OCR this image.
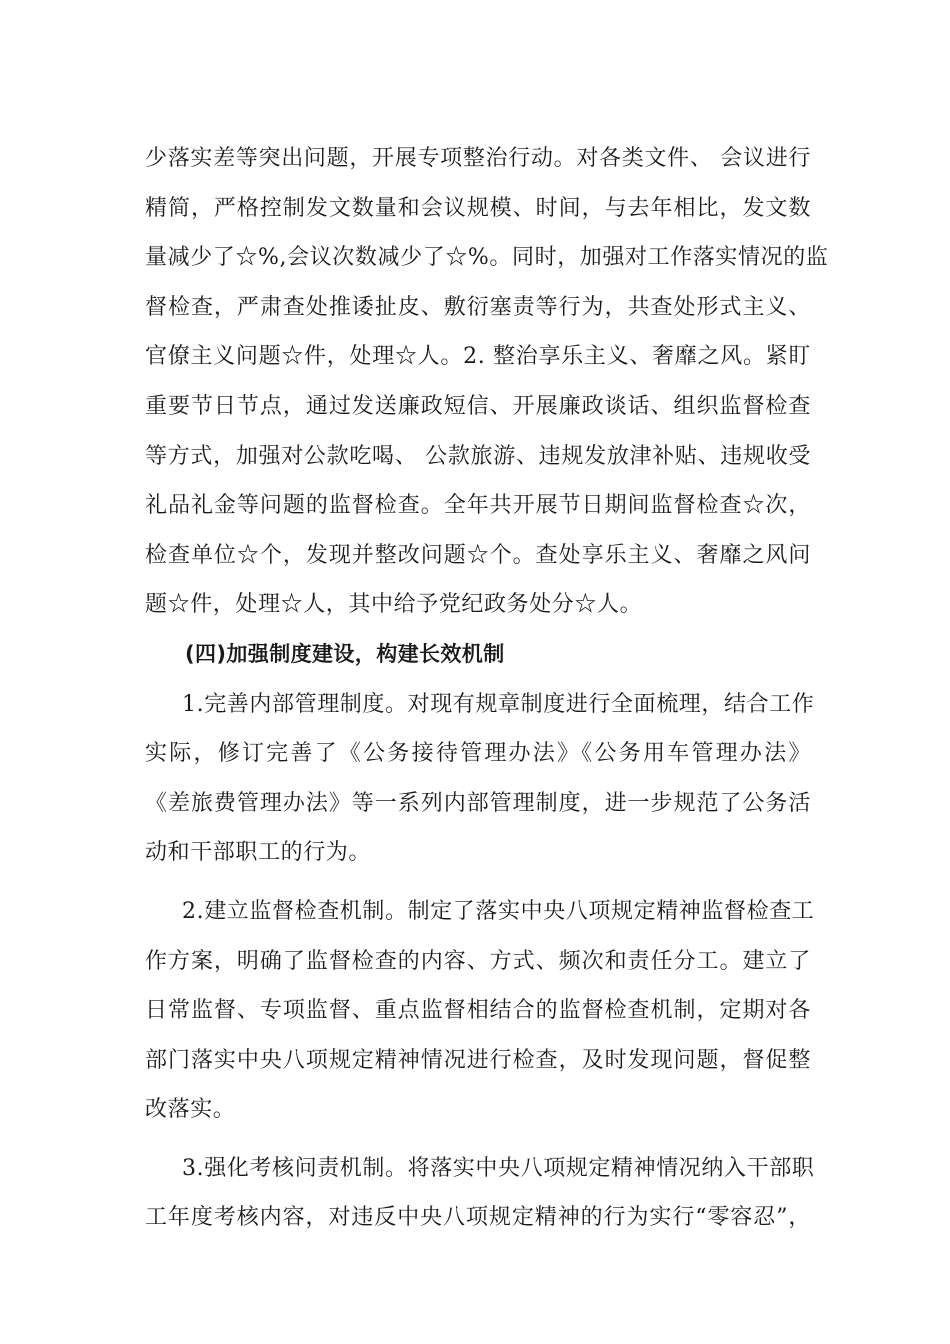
少落实差等突出问题，开展专项整治行动。对各类文件、 会议进行
精简，严格控制发文数量和会议规模、时间，与去年相比，发文数
量减少了☆%,会议次数减少了☆%。同时，加强对工作落实情况的监
督检查，严肃查处推诿扯皮、敷衍塞责等行为，共查处形式主义、
官僚主义问题☆件，处理☆人。2. 整治享乐主义、奢靡之风。紧盯
重要节日节点，通过发送廉政短信、开展廉政谈话、组织监督检查
等方式，加强对公款吃喝、 公款旅游、违规发放津补贴、违规收受
礼品礼金等问题的监督检查。全年共开展节日期间监督检查☆次，
检查单位☆个，发现并整改问题☆个。查处享乐主义、奢靡之风问
题☆件，处理☆人，其中给予党纪政务处分☆人。
(四)加强制度建设，构建长效机制
1.完善内部管理制度。对现有规章制度进行全面梳理，结合工作
实际，修订完善了《公务接待管理办法》《公务用车管理办法》
《差旅费管理办法》等一系列内部管理制度，进一步规范了公务活
动和干部职工的行为。
2.建立监督检查机制。制定了落实中央八项规定精神监督检查工
作方案，明确了监督检查的内容、方式、频次和责任分工。建立了
日常监督、专项监督、重点监督相结合的监督检查机制，定期对各
部门落实中央八项规定精神情况进行检查，及时发现问题，督促整
改落实。
3.强化考核问责机制。将落实中央八项规定精神情况纳入干部职
工年度考核内容，对违反中央八项规定精神的行为实行“零容忍”，
